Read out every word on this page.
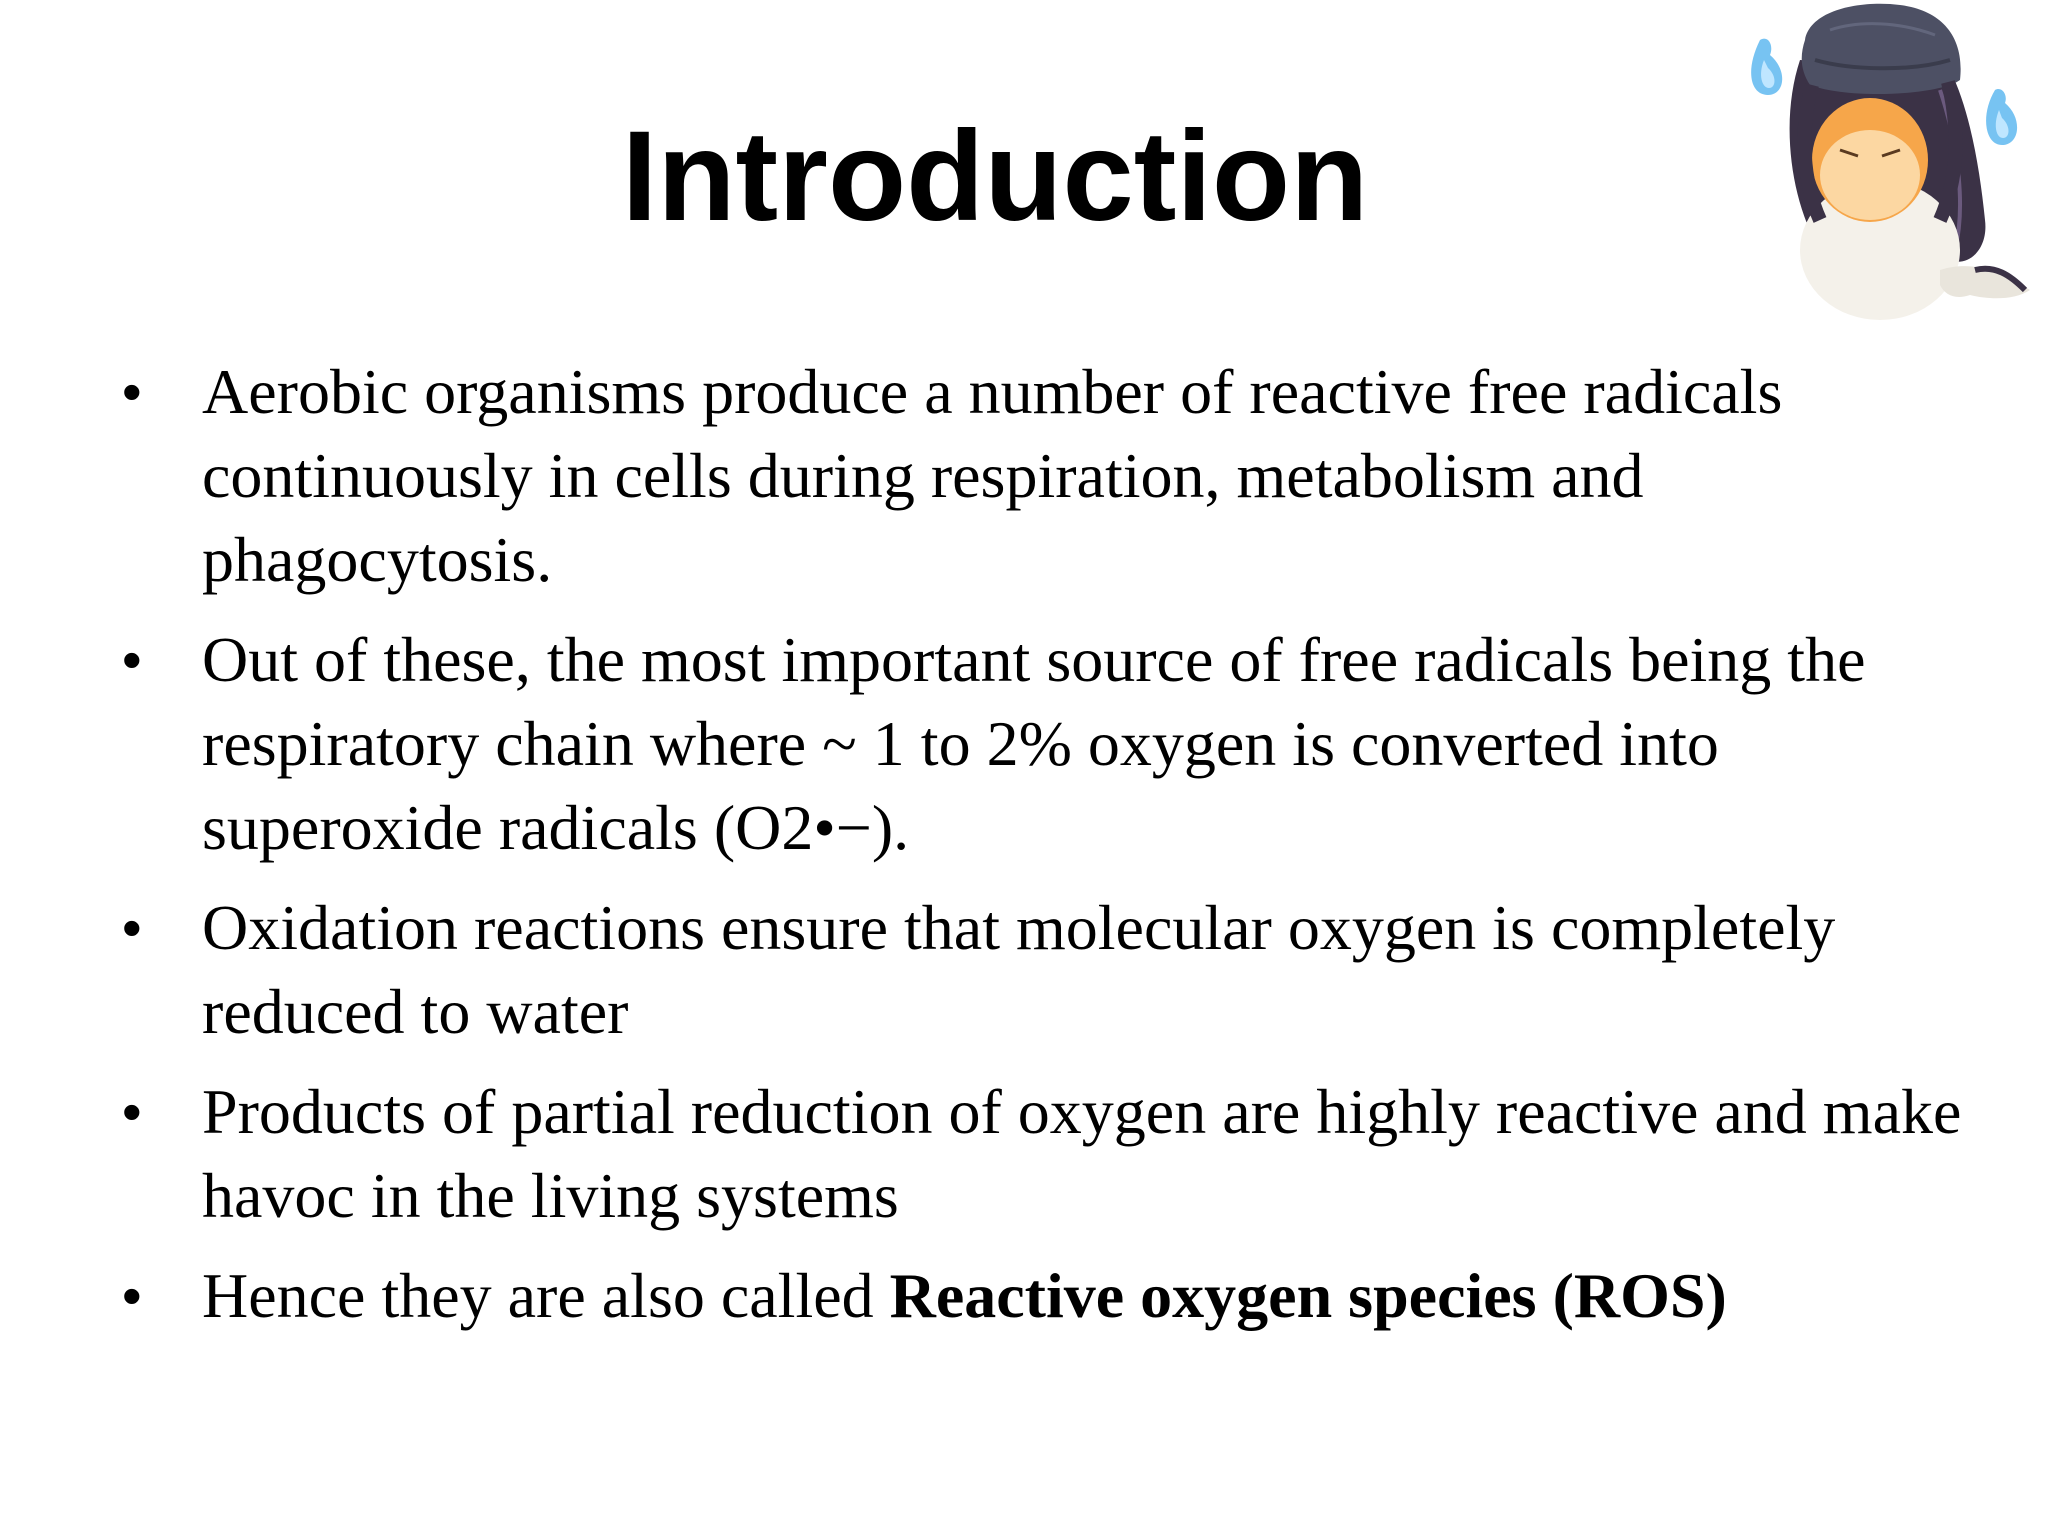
Introduction
• Aerobic organisms produce a number of reactive free radicals continuously in cells during respiration, metabolism and phagocytosis.
• Out of these, the most important source of free radicals being the respiratory chain where ~ 1 to 2% oxygen is converted into superoxide radicals (O2•−).
• Oxidation reactions ensure that molecular oxygen is completely reduced to water
• Products of partial reduction of oxygen are highly reactive and make havoc in the living systems
• Hence they are also called Reactive oxygen species (ROS)
